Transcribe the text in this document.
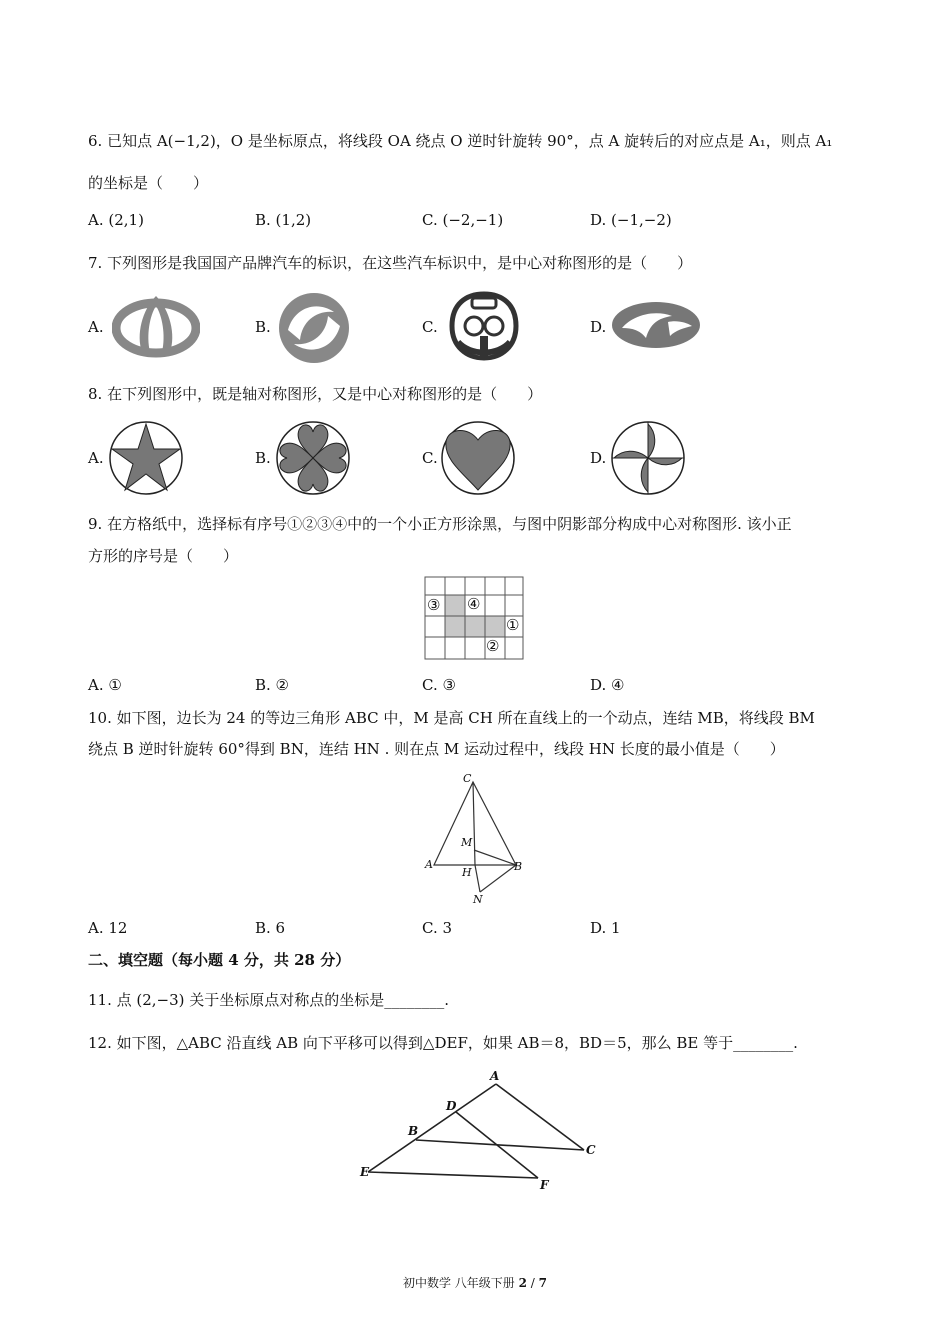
6. 已知点 A(−1,2)，O 是坐标原点，将线段 OA 绕点 O 逆时针旋转 90°，点 A 旋转后的对应点是 A₁，则点 A₁
的坐标是（　　）
A. (2,1)	B. (1,2)	C. (−2,−1)	D. (−1,−2)
7. 下列图形是我国国产品牌汽车的标识，在这些汽车标识中，是中心对称图形的是（　　）
A.	B.	C.	D.
8. 在下列图形中，既是轴对称图形，又是中心对称图形的是（　　）
A.	B.	C.	D.
9. 在方格纸中，选择标有序号①②③④中的一个小正方形涂黑，与图中阴影部分构成中心对称图形. 该小正
方形的序号是（　　）
①
②
③ ④
A. ①	B. ②	C. ③	D. ④
10. 如下图，边长为 24 的等边三角形 ABC 中，M 是高 CH 所在直线上的一个动点，连结 MB，将线段 BM
绕点 B 逆时针旋转 60°得到 BN，连结 HN . 则在点 M 运动过程中，线段 HN 长度的最小值是（　　）
C
M
A
H	B
N
A. 12	B. 6	C. 3	D. 1
二、填空题（每小题 4 分，共 28 分）
11. 点 (2,−3) 关于坐标原点对称点的坐标是________.
12. 如下图，△ABC 沿直线 AB 向下平移可以得到△DEF，如果 AB＝8，BD＝5，那么 BE 等于________.
A
D
B
C
E
F
初中数学 八年级下册 2 / 7
